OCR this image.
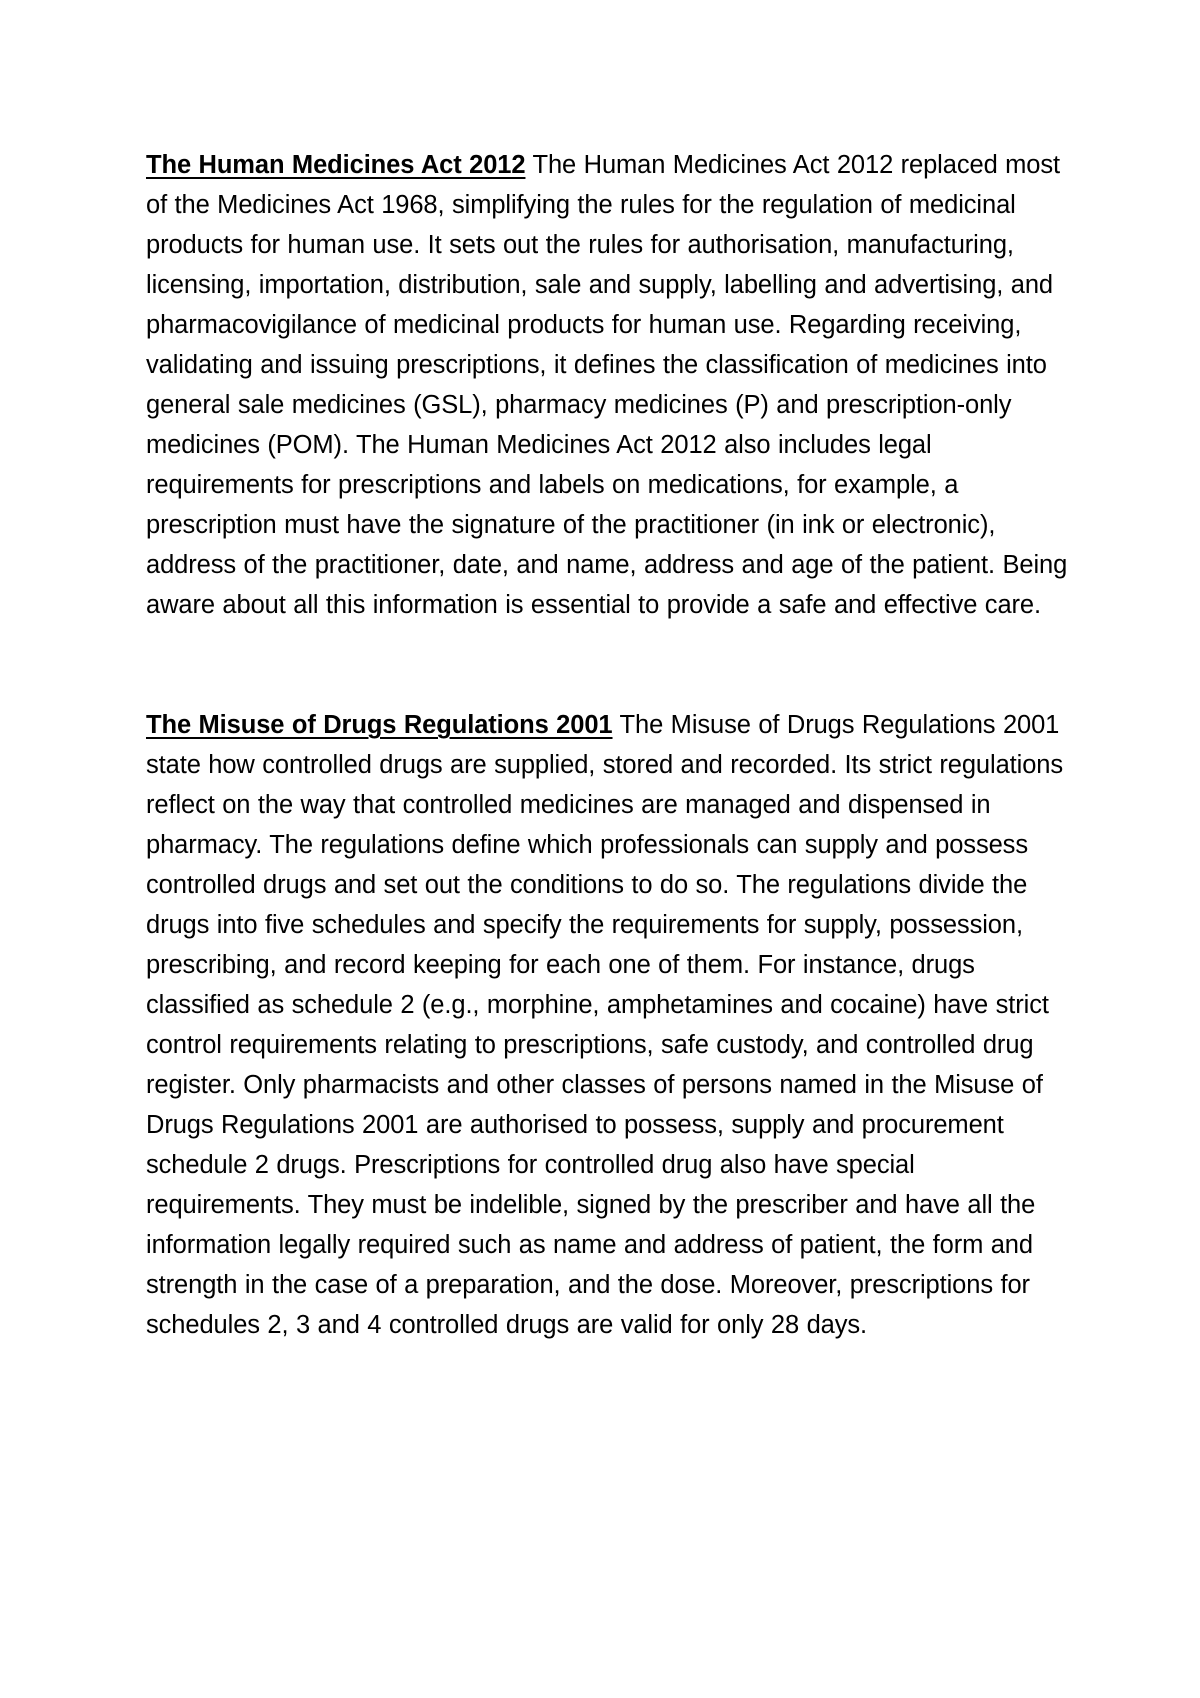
The Human Medicines Act 2012 The Human Medicines Act 2012 replaced most of the Medicines Act 1968, simplifying the rules for the regulation of medicinal products for human use. It sets out the rules for authorisation, manufacturing, licensing, importation, distribution, sale and supply, labelling and advertising, and pharmacovigilance of medicinal products for human use. Regarding receiving, validating and issuing prescriptions, it defines the classification of medicines into general sale medicines (GSL), pharmacy medicines (P) and prescription-only medicines (POM). The Human Medicines Act 2012 also includes legal requirements for prescriptions and labels on medications, for example, a prescription must have the signature of the practitioner (in ink or electronic), address of the practitioner, date, and name, address and age of the patient. Being aware about all this information is essential to provide a safe and effective care.

The Misuse of Drugs Regulations 2001 The Misuse of Drugs Regulations 2001 state how controlled drugs are supplied, stored and recorded. Its strict regulations reflect on the way that controlled medicines are managed and dispensed in pharmacy. The regulations define which professionals can supply and possess controlled drugs and set out the conditions to do so. The regulations divide the drugs into five schedules and specify the requirements for supply, possession, prescribing, and record keeping for each one of them. For instance, drugs classified as schedule 2 (e.g., morphine, amphetamines and cocaine) have strict control requirements relating to prescriptions, safe custody, and controlled drug register. Only pharmacists and other classes of persons named in the Misuse of Drugs Regulations 2001 are authorised to possess, supply and procurement schedule 2 drugs. Prescriptions for controlled drug also have special requirements. They must be indelible, signed by the prescriber and have all the information legally required such as name and address of patient, the form and strength in the case of a preparation, and the dose. Moreover, prescriptions for schedules 2, 3 and 4 controlled drugs are valid for only 28 days.
